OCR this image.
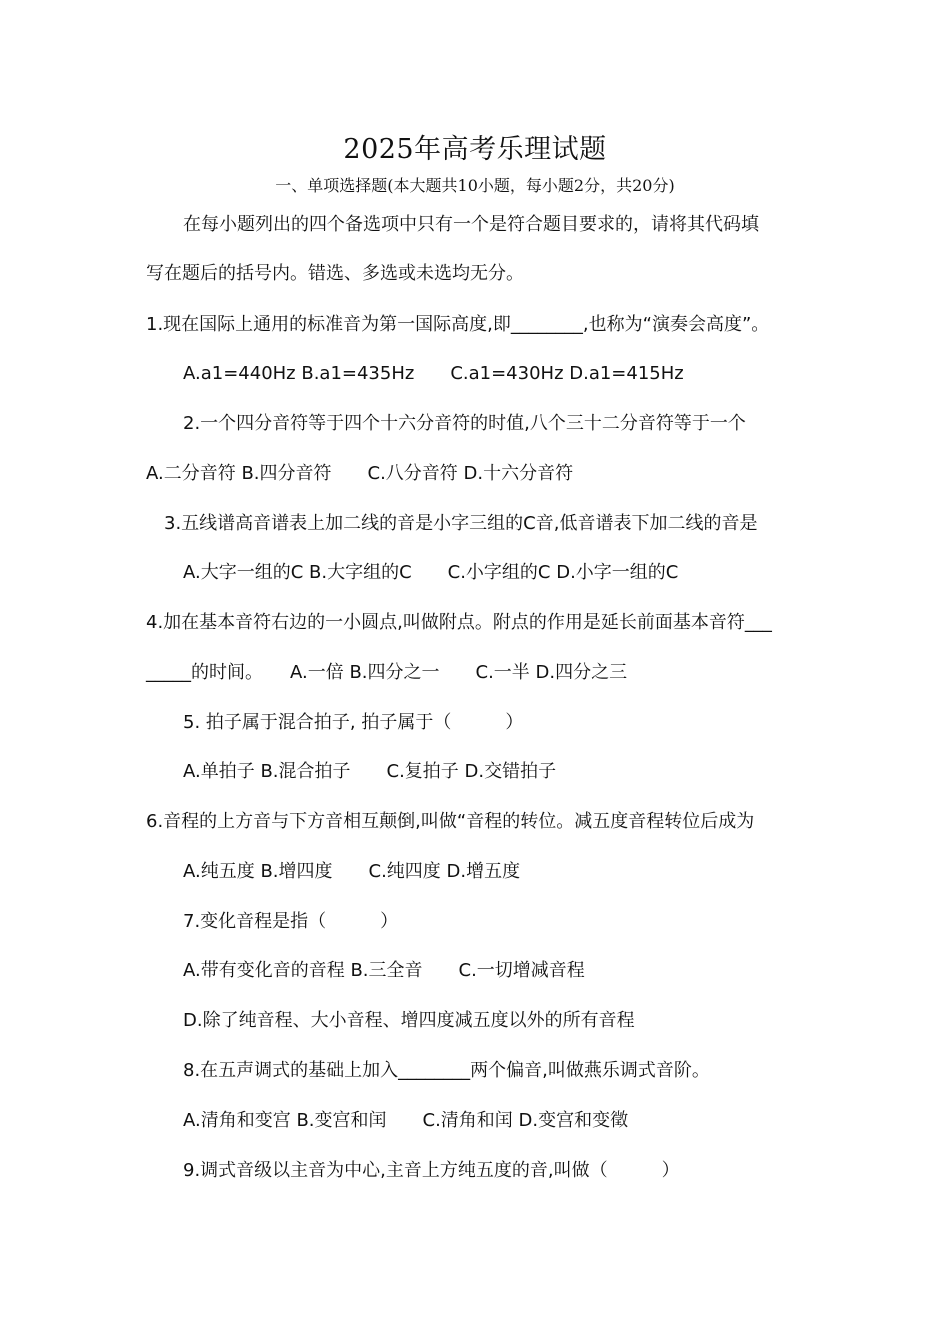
2025年高考乐理试题
一、单项选择题(本大题共10小题，每小题2分，共20分)
在每小题列出的四个备选项中只有一个是符合题目要求的，请将其代码填
写在题后的括号内。错选、多选或未选均无分。
1.现在国际上通用的标准音为第一国际高度,即________,也称为“演奏会高度”。
A.a1=440Hz B.a1=435Hz　　C.a1=430Hz D.a1=415Hz
2.一个四分音符等于四个十六分音符的时值,八个三十二分音符等于一个
A.二分音符 B.四分音符　　C.八分音符 D.十六分音符
3.五线谱高音谱表上加二线的音是小字三组的C音,低音谱表下加二线的音是
A.大字一组的C B.大字组的C　　C.小字组的C D.小字一组的C
4.加在基本音符右边的一小圆点,叫做附点。附点的作用是延长前面基本音符___
_____的时间。　　A.一倍 B.四分之一　　C.一半 D.四分之三
5. 拍子属于混合拍子, 拍子属于（　　　）
A.单拍子 B.混合拍子　　C.复拍子 D.交错拍子
6.音程的上方音与下方音相互颠倒,叫做“音程的转位。减五度音程转位后成为
A.纯五度 B.增四度　　C.纯四度 D.增五度
7.变化音程是指（　　　）
A.带有变化音的音程 B.三全音　　C.一切增减音程
D.除了纯音程、大小音程、增四度减五度以外的所有音程
8.在五声调式的基础上加入________两个偏音,叫做燕乐调式音阶。
A.清角和变宫 B.变宫和闰　　C.清角和闰 D.变宫和变徵
9.调式音级以主音为中心,主音上方纯五度的音,叫做（　　　）
